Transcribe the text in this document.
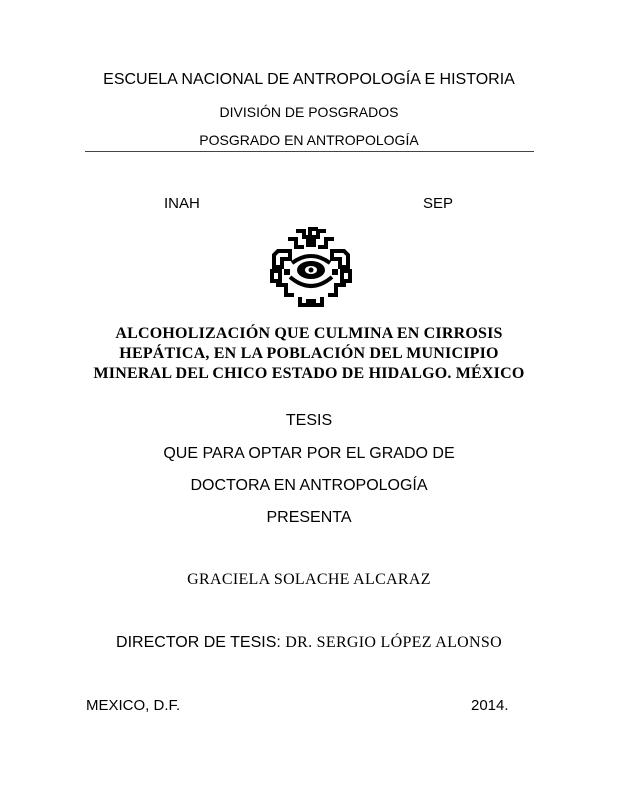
ESCUELA NACIONAL DE ANTROPOLOGÍA E HISTORIA
DIVISIÓN DE POSGRADOS
POSGRADO EN ANTROPOLOGÍA
INAH	SEP
ALCOHOLIZACIÓN QUE CULMINA EN CIRROSIS
HEPÁTICA, EN LA POBLACIÓN DEL MUNICIPIO
MINERAL DEL CHICO ESTADO DE HIDALGO. MÉXICO
TESIS
QUE PARA OPTAR POR EL GRADO DE
DOCTORA EN ANTROPOLOGÍA
PRESENTA
GRACIELA SOLACHE ALCARAZ
DIRECTOR DE TESIS: DR. SERGIO LÓPEZ ALONSO
MEXICO, D.F.	2014.
